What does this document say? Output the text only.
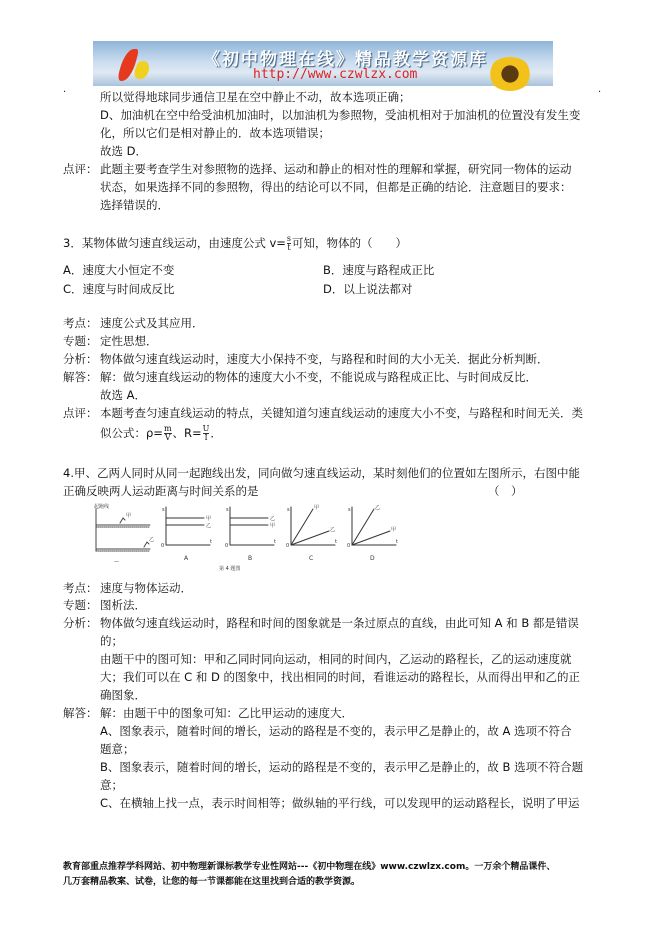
《初中物理在线》精品教学资源库
http://www.czwlzx.com
.	.
所以觉得地球同步通信卫星在空中静止不动，故本选项正确；
D、加油机在空中给受油机加油时，以加油机为参照物，受油机相对于加油机的位置没有发生变
化，所以它们是相对静止的．故本选项错误；
故选 D．
点评： 此题主要考查学生对参照物的选择、运动和静止的相对性的理解和掌握，研究同一物体的运动
状态，如果选择不同的参照物，得出的结论可以不同，但都是正确的结论．注意题目的要求：
选择错误的．
3．某物体做匀速直线运动，由速度公式 $v= \frac{s}{t}$ 可知，物体的（　　）
A．速度大小恒定不变	B．速度与路程成正比
C．速度与时间成反比	D．以上说法都对
考点： 速度公式及其应用．
专题： 定性思想．
分析： 物体做匀速直线运动时，速度大小保持不变，与路程和时间的大小无关．据此分析判断．
解答： 解：做匀速直线运动的物体的速度大小不变，不能说成与路程成正比、与时间成反比．
故选 A．
点评： 本题考查匀速直线运动的特点，关键知道匀速直线运动的速度大小不变，与路程和时间无关．类
似公式：$\rho= \frac{m}{V}$ 、$R= \frac{U}{I}$ ．
4.甲、乙两人同时从同一起跑线出发，同向做匀速直线运动，某时刻他们的位置如左图所示，右图中能
正确反映两人运动距离与时间关系的是	（　）
起跑线
甲
乙
—
s
t
0
A
甲
乙
s
t
0
B
乙
甲
s
t
0
C
甲
乙
s
t
0
D
乙
甲
第 4 题图
考点： 速度与物体运动．
专题： 图析法．
分析： 物体做匀速直线运动时，路程和时间的图象就是一条过原点的直线，由此可知 A 和 B 都是错误
的；
由题干中的图可知：甲和乙同时同向运动，相同的时间内，乙运动的路程长，乙的运动速度就
大；我们可以在 C 和 D 的图象中，找出相同的时间，看谁运动的路程长，从而得出甲和乙的正
确图象．
解答： 解：由题干中的图象可知：乙比甲运动的速度大．
A、图象表示，随着时间的增长，运动的路程是不变的，表示甲乙是静止的，故 A 选项不符合
题意；
B、图象表示，随着时间的增长，运动的路程是不变的，表示甲乙是静止的，故 B 选项不符合题
意；
C、在横轴上找一点，表示时间相等；做纵轴的平行线，可以发现甲的运动路程长，说明了甲运
教育部重点推荐学科网站、初中物理新课标教学专业性网站---《初中物理在线》www.czwlzx.com。一万余个精品课件、
几万套精品教案、试卷，让您的每一节课都能在这里找到合适的教学资源。
